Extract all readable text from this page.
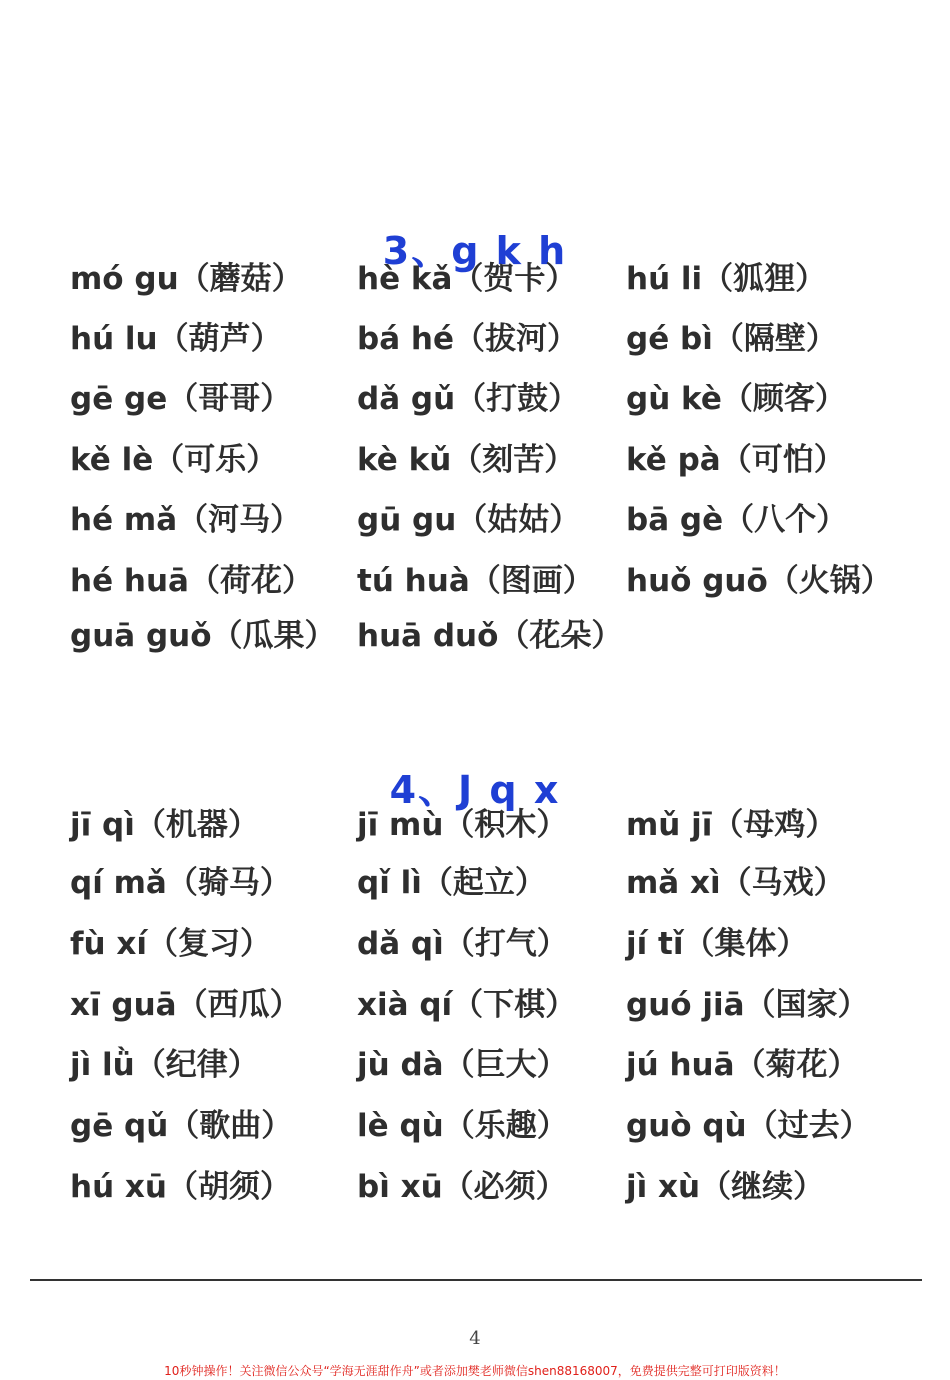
3、g k h
mó gu（蘑菇） hè kǎ（贺卡） hú li（狐狸）
hú lu（葫芦） bá hé（拔河） gé bì（隔壁）
gē ge（哥哥） dǎ gǔ（打鼓） gù kè（顾客）
kě lè（可乐）	kè kǔ（刻苦） kě pà（可怕）
hé mǎ（河马） gū gu（姑姑） bā gè（八个）
hé huā（荷花） tú huà（图画） huǒ guō（火锅）
guā guǒ（瓜果） huā duǒ（花朵）
4、J q x
jī qì（机器）	jī mù（积木） mǔ jī（母鸡）
qí mǎ（骑马） qǐ lì（起立）	mǎ xì（马戏）
fù xí（复习）	dǎ qì（打气） jí tǐ（集体）
xī guā（西瓜） xià qí（下棋） guó jiā（国家）
jì lǜ（纪律）	jù dà（巨大） jú huā（菊花）
gē qǔ（歌曲） lè qù（乐趣） guò qù（过去）
hú xū（胡须） bì xū（必须） jì xù（继续）
4
10秒钟操作！关注微信公众号“学海无涯甜作舟”或者添加樊老师微信shen88168007，免费提供完整可打印版资料！
